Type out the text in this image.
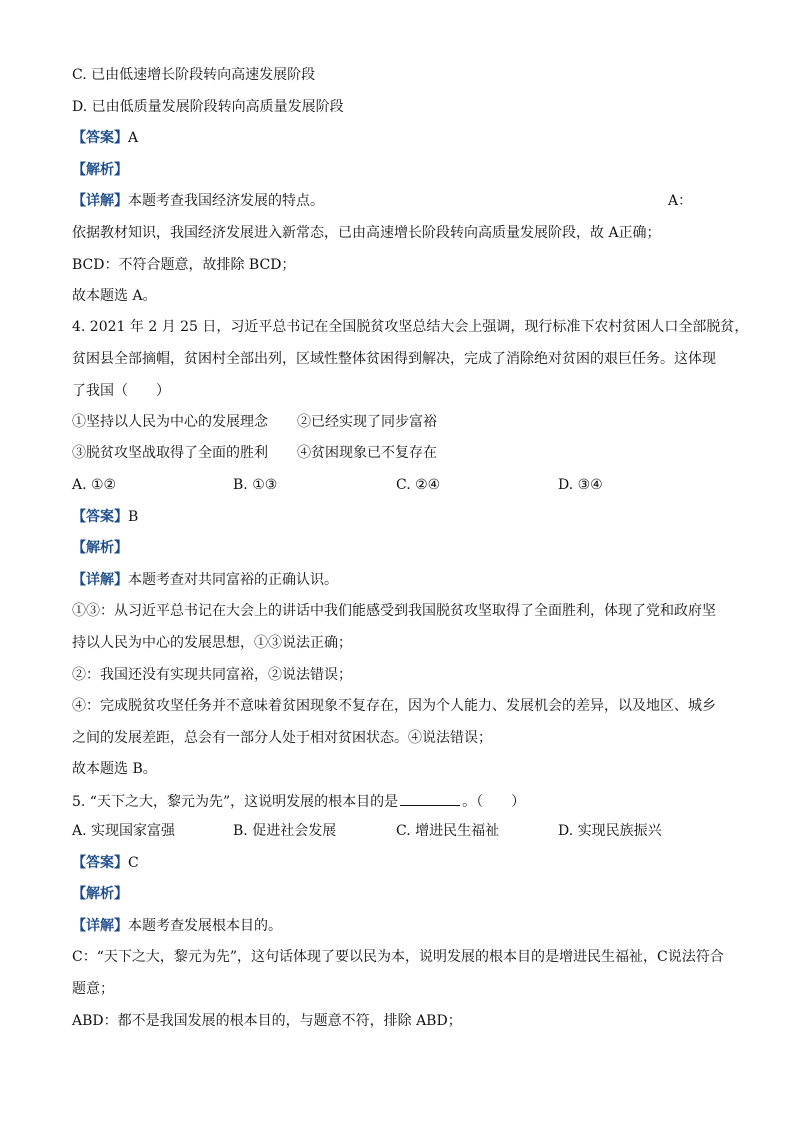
C. 已由低速增长阶段转向高速发展阶段
D. 已由低质量发展阶段转向高质量发展阶段
【答案】A
【解析】
【详解】本题考查我国经济发展的特点。	A：
依据教材知识，我国经济发展进入新常态，已由高速增长阶段转向高质量发展阶段，故 A正确；
BCD：不符合题意，故排除 BCD；
故本题选 A。
4. 2021 年 2 月 25 日，习近平总书记在全国脱贫攻坚总结大会上强调，现行标准下农村贫困人口全部脱贫，
贫困县全部摘帽，贫困村全部出列，区域性整体贫困得到解决，完成了消除绝对贫困的艰巨任务。这体现
了我国（　　）
①坚持以人民为中心的发展理念 ②已经实现了同步富裕
③脱贫攻坚战取得了全面的胜利 ④贫困现象已不复存在
A. ①②	B. ①③	C. ②④	D. ③④
【答案】B
【解析】
【详解】本题考查对共同富裕的正确认识。
①③：从习近平总书记在大会上的讲话中我们能感受到我国脱贫攻坚取得了全面胜利，体现了党和政府坚
持以人民为中心的发展思想，①③说法正确；
②：我国还没有实现共同富裕，②说法错误；
④：完成脱贫攻坚任务并不意味着贫困现象不复存在，因为个人能力、发展机会的差异，以及地区、城乡
之间的发展差距，总会有一部分人处于相对贫困状态。④说法错误；
故本题选 B。
5. “天下之大，黎元为先”，这说明发展的根本目的是	。（　　）
A. 实现国家富强	B. 促进社会发展	C. 增进民生福祉	D. 实现民族振兴
【答案】C
【解析】
【详解】本题考查发展根本目的。
C：“天下之大，黎元为先”，这句话体现了要以民为本，说明发展的根本目的是增进民生福祉，C说法符合
题意；
ABD：都不是我国发展的根本目的，与题意不符，排除 ABD；
